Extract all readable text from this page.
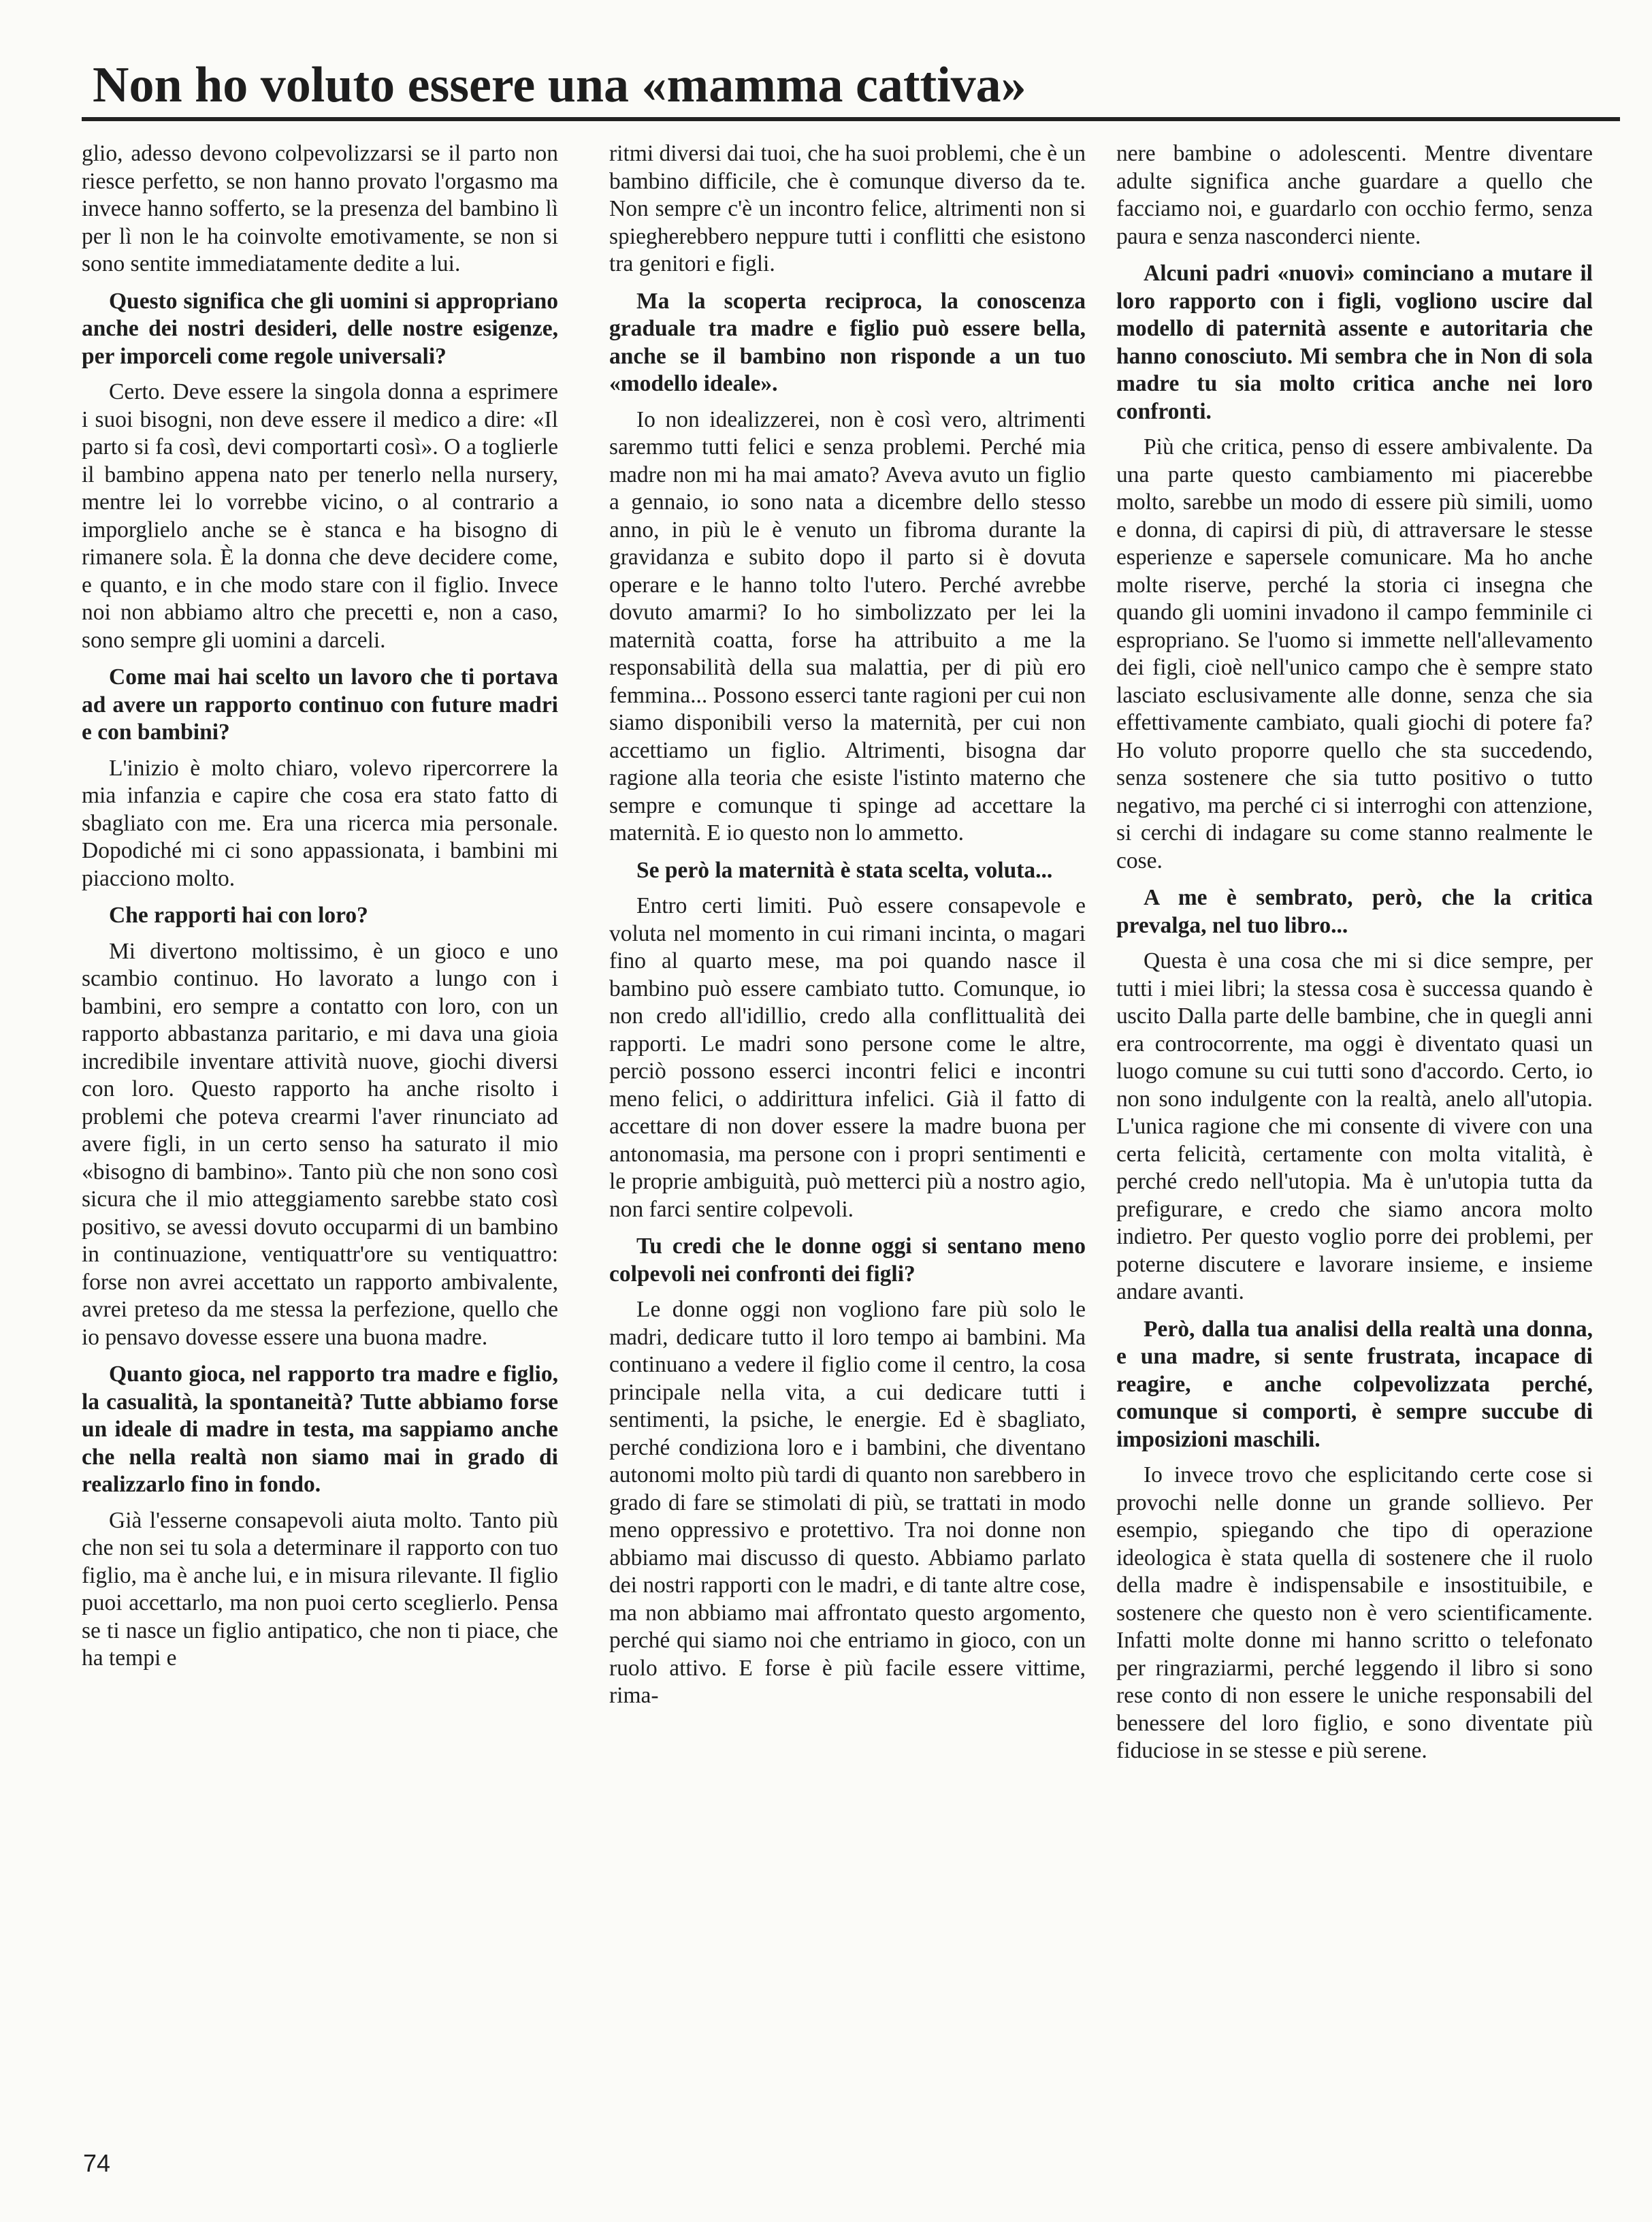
Non ho voluto essere una «mamma cattiva»

glio, adesso devono colpevolizzarsi se il parto non riesce perfetto, se non hanno provato l'orgasmo ma invece hanno sofferto, se la presenza del bambino lì per lì non le ha coinvolte emotivamente, se non si sono sentite immediatamente dedite a lui.

Questo significa che gli uomini si appropriano anche dei nostri desideri, delle nostre esigenze, per imporceli come regole universali?

Certo. Deve essere la singola donna a esprimere i suoi bisogni, non deve essere il medico a dire: «Il parto si fa così, devi comportarti così». O a toglierle il bambino appena nato per tenerlo nella nursery, mentre lei lo vorrebbe vicino, o al contrario a imporglielo anche se è stanca e ha bisogno di rimanere sola. È la donna che deve decidere come, e quanto, e in che modo stare con il figlio. Invece noi non abbiamo altro che precetti e, non a caso, sono sempre gli uomini a darceli.

Come mai hai scelto un lavoro che ti portava ad avere un rapporto continuo con future madri e con bambini?

L'inizio è molto chiaro, volevo ripercorrere la mia infanzia e capire che cosa era stato fatto di sbagliato con me. Era una ricerca mia personale. Dopodiché mi ci sono appassionata, i bambini mi piacciono molto.

Che rapporti hai con loro?

Mi divertono moltissimo, è un gioco e uno scambio continuo. Ho lavorato a lungo con i bambini, ero sempre a contatto con loro, con un rapporto abbastanza paritario, e mi dava una gioia incredibile inventare attività nuove, giochi diversi con loro. Questo rapporto ha anche risolto i problemi che poteva crearmi l'aver rinunciato ad avere figli, in un certo senso ha saturato il mio «bisogno di bambino». Tanto più che non sono così sicura che il mio atteggiamento sarebbe stato così positivo, se avessi dovuto occuparmi di un bambino in continuazione, ventiquattr'ore su ventiquattro: forse non avrei accettato un rapporto ambivalente, avrei preteso da me stessa la perfezione, quello che io pensavo dovesse essere una buona madre.

Quanto gioca, nel rapporto tra madre e figlio, la casualità, la spontaneità? Tutte abbiamo forse un ideale di madre in testa, ma sappiamo anche che nella realtà non siamo mai in grado di realizzarlo fino in fondo.

Già l'esserne consapevoli aiuta molto. Tanto più che non sei tu sola a determinare il rapporto con tuo figlio, ma è anche lui, e in misura rilevante. Il figlio puoi accettarlo, ma non puoi certo sceglierlo. Pensa se ti nasce un figlio antipatico, che non ti piace, che ha tempi e

ritmi diversi dai tuoi, che ha suoi problemi, che è un bambino difficile, che è comunque diverso da te. Non sempre c'è un incontro felice, altrimenti non si spiegherebbero neppure tutti i conflitti che esistono tra genitori e figli.

Ma la scoperta reciproca, la conoscenza graduale tra madre e figlio può essere bella, anche se il bambino non risponde a un tuo «modello ideale».

Io non idealizzerei, non è così vero, altrimenti saremmo tutti felici e senza problemi. Perché mia madre non mi ha mai amato? Aveva avuto un figlio a gennaio, io sono nata a dicembre dello stesso anno, in più le è venuto un fibroma durante la gravidanza e subito dopo il parto si è dovuta operare e le hanno tolto l'utero. Perché avrebbe dovuto amarmi? Io ho simbolizzato per lei la maternità coatta, forse ha attribuito a me la responsabilità della sua malattia, per di più ero femmina... Possono esserci tante ragioni per cui non siamo disponibili verso la maternità, per cui non accettiamo un figlio. Altrimenti, bisogna dar ragione alla teoria che esiste l'istinto materno che sempre e comunque ti spinge ad accettare la maternità. E io questo non lo ammetto.

Se però la maternità è stata scelta, voluta...

Entro certi limiti. Può essere consapevole e voluta nel momento in cui rimani incinta, o magari fino al quarto mese, ma poi quando nasce il bambino può essere cambiato tutto. Comunque, io non credo all'idillio, credo alla conflittualità dei rapporti. Le madri sono persone come le altre, perciò possono esserci incontri felici e incontri meno felici, o addirittura infelici. Già il fatto di accettare di non dover essere la madre buona per antonomasia, ma persone con i propri sentimenti e le proprie ambiguità, può metterci più a nostro agio, non farci sentire colpevoli.

Tu credi che le donne oggi si sentano meno colpevoli nei confronti dei figli?

Le donne oggi non vogliono fare più solo le madri, dedicare tutto il loro tempo ai bambini. Ma continuano a vedere il figlio come il centro, la cosa principale nella vita, a cui dedicare tutti i sentimenti, la psiche, le energie. Ed è sbagliato, perché condiziona loro e i bambini, che diventano autonomi molto più tardi di quanto non sarebbero in grado di fare se stimolati di più, se trattati in modo meno oppressivo e protettivo. Tra noi donne non abbiamo mai discusso di questo. Abbiamo parlato dei nostri rapporti con le madri, e di tante altre cose, ma non abbiamo mai affrontato questo argomento, perché qui siamo noi che entriamo in gioco, con un ruolo attivo. E forse è più facile essere vittime, rima-

nere bambine o adolescenti. Mentre diventare adulte significa anche guardare a quello che facciamo noi, e guardarlo con occhio fermo, senza paura e senza nasconderci niente.

Alcuni padri «nuovi» cominciano a mutare il loro rapporto con i figli, vogliono uscire dal modello di paternità assente e autoritaria che hanno conosciuto. Mi sembra che in Non di sola madre tu sia molto critica anche nei loro confronti.

Più che critica, penso di essere ambivalente. Da una parte questo cambiamento mi piacerebbe molto, sarebbe un modo di essere più simili, uomo e donna, di capirsi di più, di attraversare le stesse esperienze e sapersele comunicare. Ma ho anche molte riserve, perché la storia ci insegna che quando gli uomini invadono il campo femminile ci espropriano. Se l'uomo si immette nell'allevamento dei figli, cioè nell'unico campo che è sempre stato lasciato esclusivamente alle donne, senza che sia effettivamente cambiato, quali giochi di potere fa? Ho voluto proporre quello che sta succedendo, senza sostenere che sia tutto positivo o tutto negativo, ma perché ci si interroghi con attenzione, si cerchi di indagare su come stanno realmente le cose.

A me è sembrato, però, che la critica prevalga, nel tuo libro...

Questa è una cosa che mi si dice sempre, per tutti i miei libri; la stessa cosa è successa quando è uscito Dalla parte delle bambine, che in quegli anni era controcorrente, ma oggi è diventato quasi un luogo comune su cui tutti sono d'accordo. Certo, io non sono indulgente con la realtà, anelo all'utopia. L'unica ragione che mi consente di vivere con una certa felicità, certamente con molta vitalità, è perché credo nell'utopia. Ma è un'utopia tutta da prefigurare, e credo che siamo ancora molto indietro. Per questo voglio porre dei problemi, per poterne discutere e lavorare insieme, e insieme andare avanti.

Però, dalla tua analisi della realtà una donna, e una madre, si sente frustrata, incapace di reagire, e anche colpevolizzata perché, comunque si comporti, è sempre succube di imposizioni maschili.

Io invece trovo che esplicitando certe cose si provochi nelle donne un grande sollievo. Per esempio, spiegando che tipo di operazione ideologica è stata quella di sostenere che il ruolo della madre è indispensabile e insostituibile, e sostenere che questo non è vero scientificamente. Infatti molte donne mi hanno scritto o telefonato per ringraziarmi, perché leggendo il libro si sono rese conto di non essere le uniche responsabili del benessere del loro figlio, e sono diventate più fiduciose in se stesse e più serene.

74
